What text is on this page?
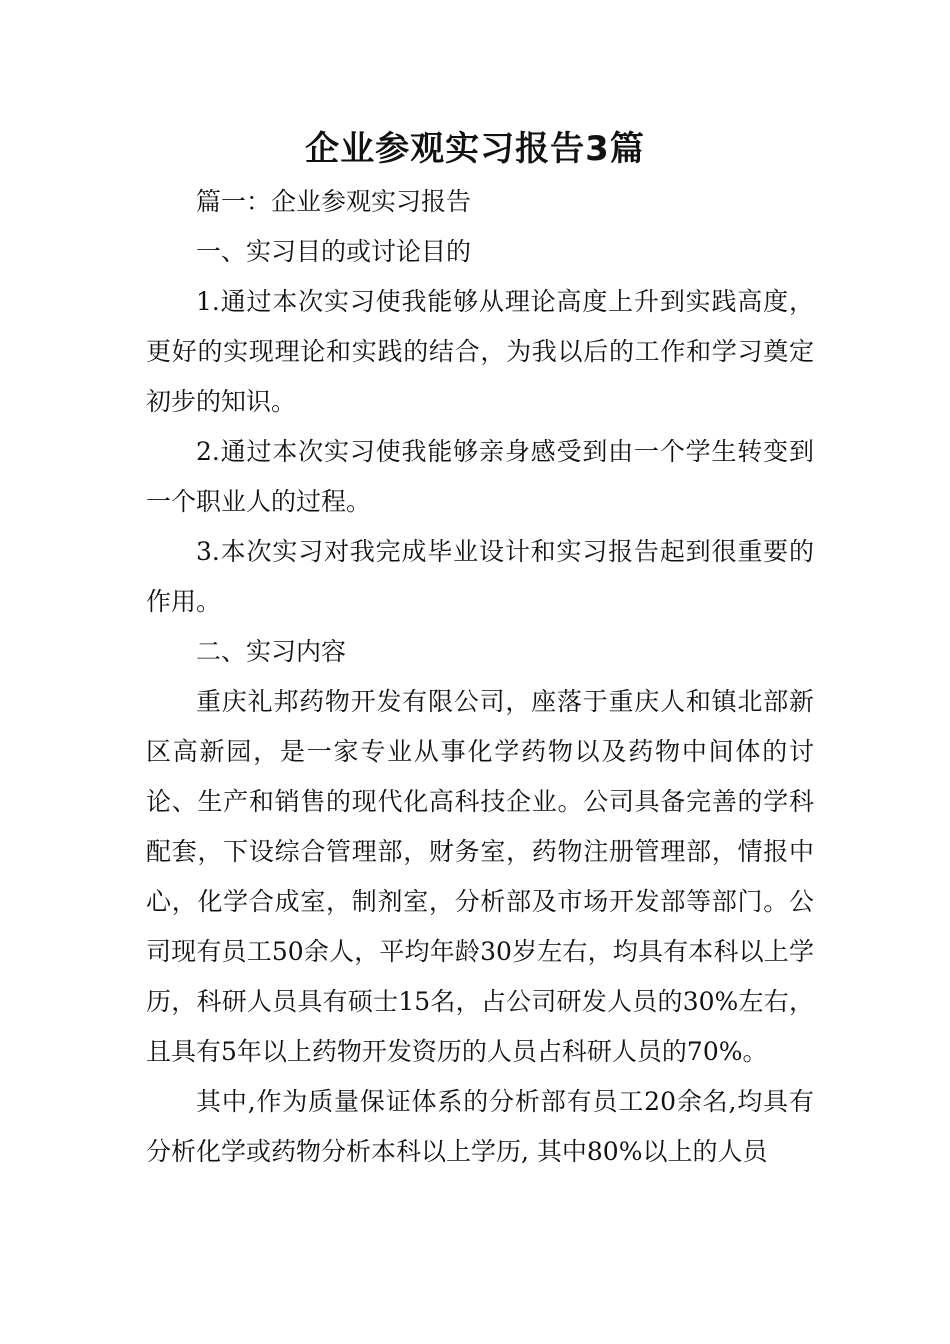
企业参观实习报告3篇

篇一：企业参观实习报告

一、实习目的或讨论目的

1.通过本次实习使我能够从理论高度上升到实践高度，更好的实现理论和实践的结合，为我以后的工作和学习奠定初步的知识。

2.通过本次实习使我能够亲身感受到由一个学生转变到一个职业人的过程。

3.本次实习对我完成毕业设计和实习报告起到很重要的作用。

二、实习内容

重庆礼邦药物开发有限公司，座落于重庆人和镇北部新区高新园，是一家专业从事化学药物以及药物中间体的讨论、生产和销售的现代化高科技企业。公司具备完善的学科配套，下设综合管理部，财务室，药物注册管理部，情报中心，化学合成室，制剂室，分析部及市场开发部等部门。公司现有员工50余人，平均年龄30岁左右，均具有本科以上学历，科研人员具有硕士15名，占公司研发人员的30%左右，且具有5年以上药物开发资历的人员占科研人员的70%。

其中,作为质量保证体系的分析部有员工20余名,均具有分析化学或药物分析本科以上学历, 其中80%以上的人员
